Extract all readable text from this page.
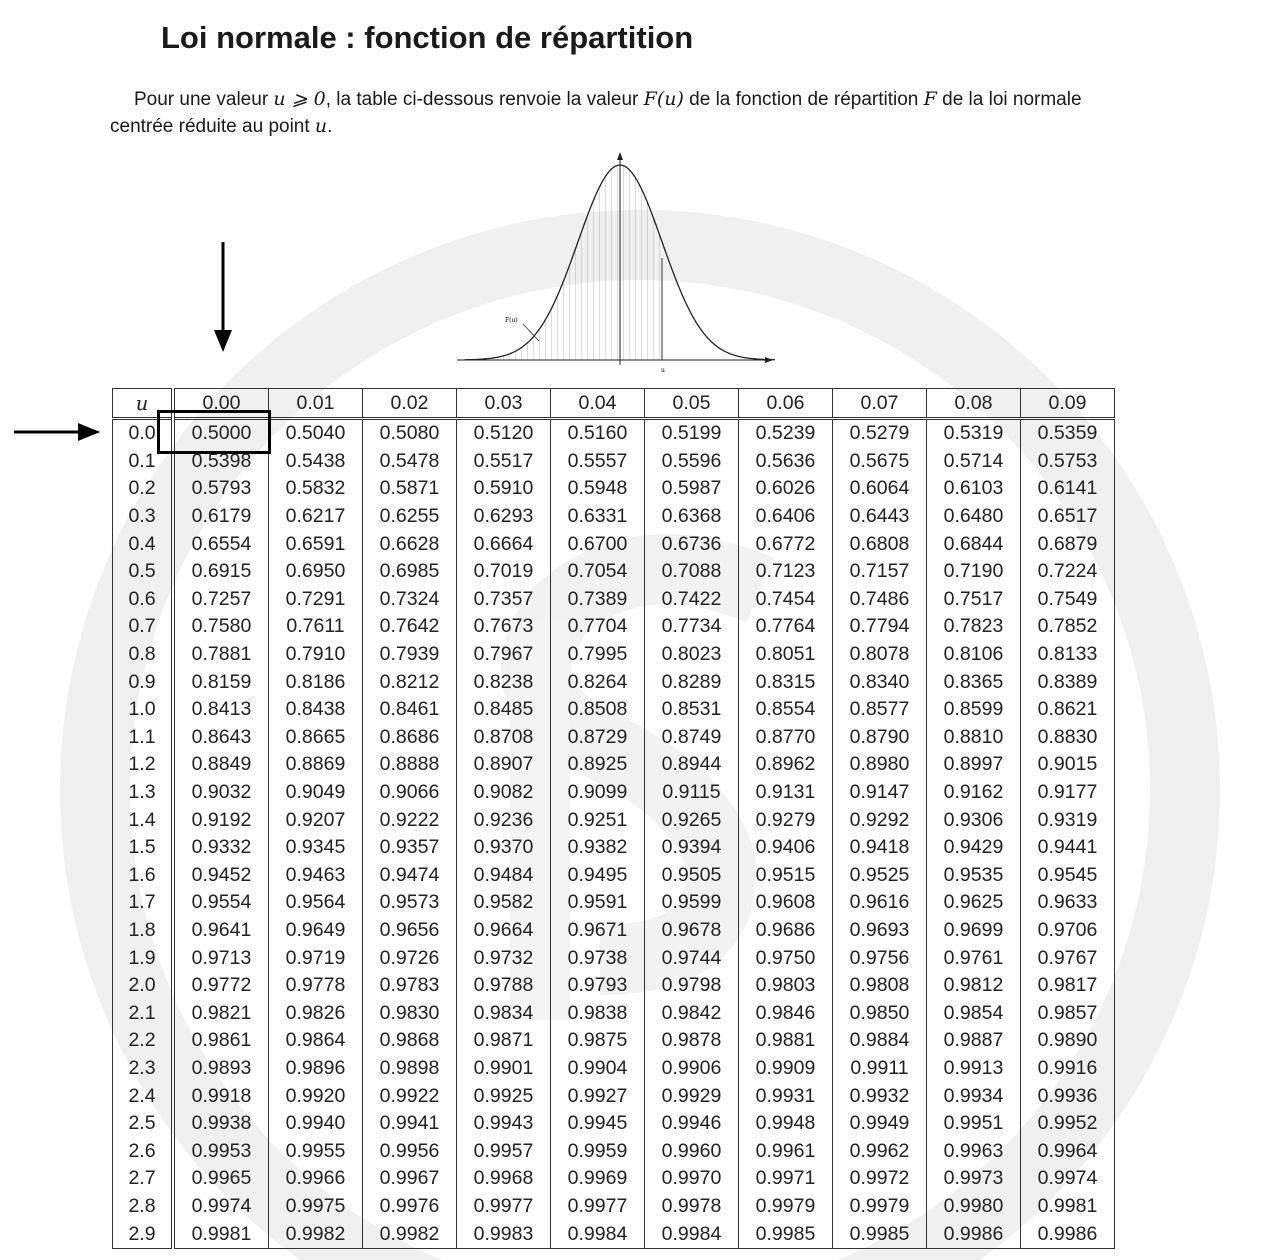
Loi normale : fonction de répartition

Pour une valeur u ⩾ 0, la table ci-dessous renvoie la valeur F(u) de la fonction de répartition F de la loi normale centrée réduite au point u.

F(u)
u
u	0.00	0.01	0.02	0.03	0.04	0.05	0.06	0.07	0.08	0.09
0.0	0.5000	0.5040	0.5080	0.5120	0.5160	0.5199	0.5239	0.5279	0.5319	0.5359
0.1	0.5398	0.5438	0.5478	0.5517	0.5557	0.5596	0.5636	0.5675	0.5714	0.5753
0.2	0.5793	0.5832	0.5871	0.5910	0.5948	0.5987	0.6026	0.6064	0.6103	0.6141
0.3	0.6179	0.6217	0.6255	0.6293	0.6331	0.6368	0.6406	0.6443	0.6480	0.6517
0.4	0.6554	0.6591	0.6628	0.6664	0.6700	0.6736	0.6772	0.6808	0.6844	0.6879
0.5	0.6915	0.6950	0.6985	0.7019	0.7054	0.7088	0.7123	0.7157	0.7190	0.7224
0.6	0.7257	0.7291	0.7324	0.7357	0.7389	0.7422	0.7454	0.7486	0.7517	0.7549
0.7	0.7580	0.7611	0.7642	0.7673	0.7704	0.7734	0.7764	0.7794	0.7823	0.7852
0.8	0.7881	0.7910	0.7939	0.7967	0.7995	0.8023	0.8051	0.8078	0.8106	0.8133
0.9	0.8159	0.8186	0.8212	0.8238	0.8264	0.8289	0.8315	0.8340	0.8365	0.8389
1.0	0.8413	0.8438	0.8461	0.8485	0.8508	0.8531	0.8554	0.8577	0.8599	0.8621
1.1	0.8643	0.8665	0.8686	0.8708	0.8729	0.8749	0.8770	0.8790	0.8810	0.8830
1.2	0.8849	0.8869	0.8888	0.8907	0.8925	0.8944	0.8962	0.8980	0.8997	0.9015
1.3	0.9032	0.9049	0.9066	0.9082	0.9099	0.9115	0.9131	0.9147	0.9162	0.9177
1.4	0.9192	0.9207	0.9222	0.9236	0.9251	0.9265	0.9279	0.9292	0.9306	0.9319
1.5	0.9332	0.9345	0.9357	0.9370	0.9382	0.9394	0.9406	0.9418	0.9429	0.9441
1.6	0.9452	0.9463	0.9474	0.9484	0.9495	0.9505	0.9515	0.9525	0.9535	0.9545
1.7	0.9554	0.9564	0.9573	0.9582	0.9591	0.9599	0.9608	0.9616	0.9625	0.9633
1.8	0.9641	0.9649	0.9656	0.9664	0.9671	0.9678	0.9686	0.9693	0.9699	0.9706
1.9	0.9713	0.9719	0.9726	0.9732	0.9738	0.9744	0.9750	0.9756	0.9761	0.9767
2.0	0.9772	0.9778	0.9783	0.9788	0.9793	0.9798	0.9803	0.9808	0.9812	0.9817
2.1	0.9821	0.9826	0.9830	0.9834	0.9838	0.9842	0.9846	0.9850	0.9854	0.9857
2.2	0.9861	0.9864	0.9868	0.9871	0.9875	0.9878	0.9881	0.9884	0.9887	0.9890
2.3	0.9893	0.9896	0.9898	0.9901	0.9904	0.9906	0.9909	0.9911	0.9913	0.9916
2.4	0.9918	0.9920	0.9922	0.9925	0.9927	0.9929	0.9931	0.9932	0.9934	0.9936
2.5	0.9938	0.9940	0.9941	0.9943	0.9945	0.9946	0.9948	0.9949	0.9951	0.9952
2.6	0.9953	0.9955	0.9956	0.9957	0.9959	0.9960	0.9961	0.9962	0.9963	0.9964
2.7	0.9965	0.9966	0.9967	0.9968	0.9969	0.9970	0.9971	0.9972	0.9973	0.9974
2.8	0.9974	0.9975	0.9976	0.9977	0.9977	0.9978	0.9979	0.9979	0.9980	0.9981
2.9	0.9981	0.9982	0.9982	0.9983	0.9984	0.9984	0.9985	0.9985	0.9986	0.9986
